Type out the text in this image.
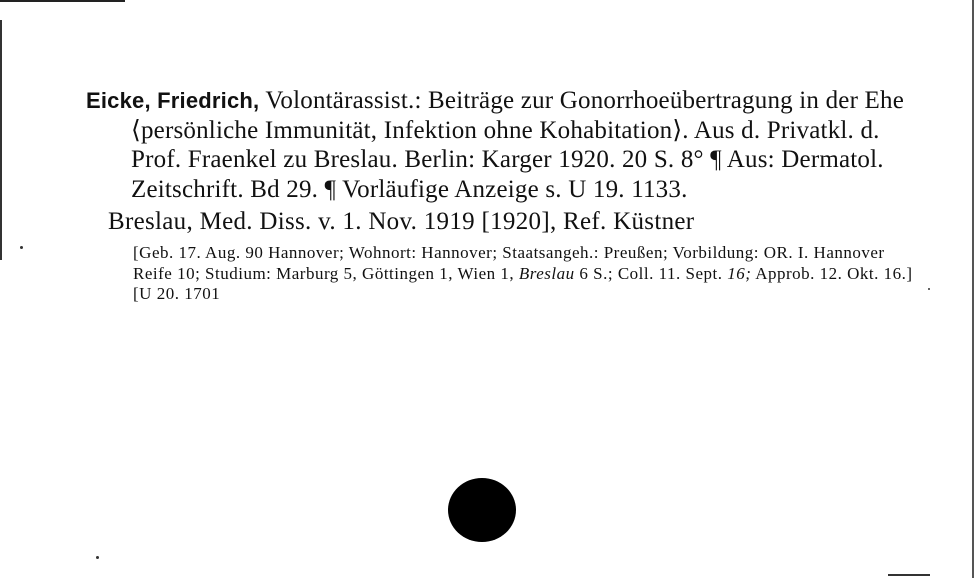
Eicke, Friedrich, Volontärassist.: Beiträge zur Gonorrhoeübertragung in der Ehe ⟨persönliche Immunität, Infektion ohne Kohabitation⟩. Aus d. Privatkl. d. Prof. Fraenkel zu Breslau. Berlin: Karger 1920. 20 S. 8° ¶ Aus: Dermatol. Zeitschrift. Bd 29. ¶ Vorläufige Anzeige s. U 19. 1133.
Breslau, Med. Diss. v. 1. Nov. 1919 [1920], Ref. Küstner
[Geb. 17. Aug. 90 Hannover; Wohnort: Hannover; Staatsangeh.: Preußen; Vorbildung: OR. I. Hannover Reife 10; Studium: Marburg 5, Göttingen 1, Wien 1, Breslau 6 S.; Coll. 11. Sept. 16; Approb. 12. Okt. 16.] [U 20. 1701
